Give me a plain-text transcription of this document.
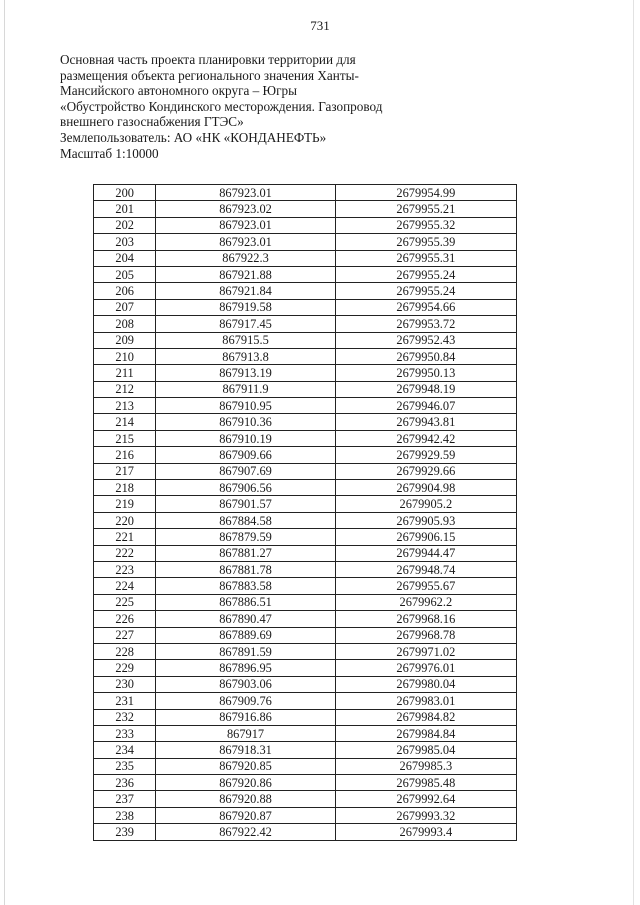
731
Основная часть проекта планировки территории для
размещения объекта регионального значения Ханты-
Мансийского автономного округа – Югры
«Обустройство Кондинского месторождения. Газопровод
внешнего газоснабжения ГТЭС»
Землепользователь: АО «НК «КОНДАНЕФТЬ»
Масштаб 1:10000
200	867923.01	2679954.99
201	867923.02	2679955.21
202	867923.01	2679955.32
203	867923.01	2679955.39
204	867922.3	2679955.31
205	867921.88	2679955.24
206	867921.84	2679955.24
207	867919.58	2679954.66
208	867917.45	2679953.72
209	867915.5	2679952.43
210	867913.8	2679950.84
211	867913.19	2679950.13
212	867911.9	2679948.19
213	867910.95	2679946.07
214	867910.36	2679943.81
215	867910.19	2679942.42
216	867909.66	2679929.59
217	867907.69	2679929.66
218	867906.56	2679904.98
219	867901.57	2679905.2
220	867884.58	2679905.93
221	867879.59	2679906.15
222	867881.27	2679944.47
223	867881.78	2679948.74
224	867883.58	2679955.67
225	867886.51	2679962.2
226	867890.47	2679968.16
227	867889.69	2679968.78
228	867891.59	2679971.02
229	867896.95	2679976.01
230	867903.06	2679980.04
231	867909.76	2679983.01
232	867916.86	2679984.82
233	867917	2679984.84
234	867918.31	2679985.04
235	867920.85	2679985.3
236	867920.86	2679985.48
237	867920.88	2679992.64
238	867920.87	2679993.32
239	867922.42	2679993.4
